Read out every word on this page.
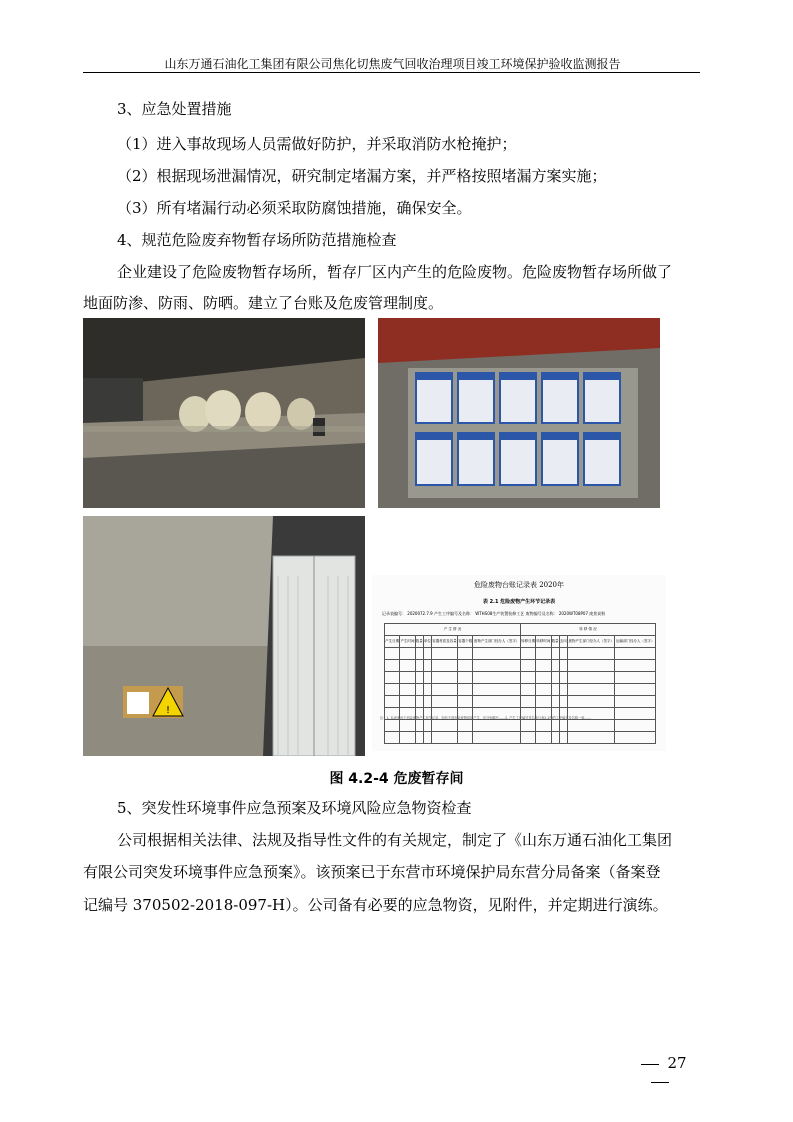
山东万通石油化工集团有限公司焦化切焦废气回收治理项目竣工环境保护验收监测报告
3、应急处置措施
（1）进入事故现场人员需做好防护，并采取消防水枪掩护；
（2）根据现场泄漏情况，研究制定堵漏方案，并严格按照堵漏方案实施；
（3）所有堵漏行动必须采取防腐蚀措施，确保安全。
4、规范危险废弃物暂存场所防范措施检查
企业建设了危险废物暂存场所，暂存厂区内产生的危险废物。危险废物暂存场所做了
地面防渗、防雨、防晒。建立了台账及危废管理制度。
!
危险废物台账记录表 2020年
表 2.1 危险废物产生环节记录表
记录表编号： 2020072.7.9 产生工序编号及名称： WTHS08生产装置检修工艺 废物编号及名称： 2020WT08P07 废焦炭粉
产 生 情 况							转 移 情 况					
产生日期	产生时间	数量	单位	容器材质及容量	容器个数	废物产生部门经办人（签字）	转移日期	转移时间	数量	去向	废物产生部门经办人（签字）	运输部门经办人（签字）

注：1. 本表适用于危险废物产生环节记录。如有不同危险废物同时产生，应分别填写……2. 产生工序编号及名称与表2.1中的工序编号及名称一致……
图 4.2-4 危废暂存间
5、突发性环境事件应急预案及环境风险应急物资检查
公司根据相关法律、法规及指导性文件的有关规定，制定了《山东万通石油化工集团
有限公司突发环境事件应急预案》。该预案已于东营市环境保护局东营分局备案（备案登
记编号 370502-2018-097-H）。公司备有必要的应急物资，见附件，并定期进行演练。
27
